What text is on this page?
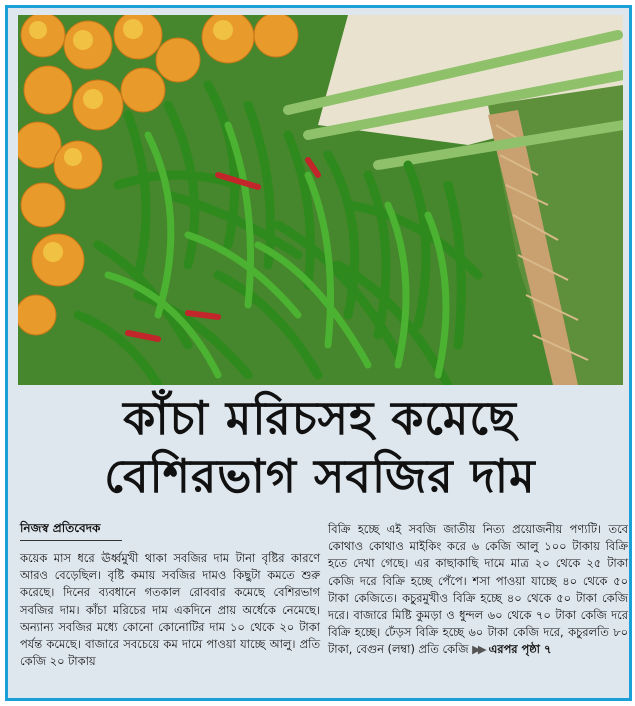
কাঁচা মরিচসহ কমেছে
বেশিরভাগ সবজির দাম
নিজস্ব প্রতিবেদক
কয়েক মাস ধরে ঊর্ধ্বমুখী থাকা সবজির দাম টানা বৃষ্টির কারণে আরও বেড়েছিল। বৃষ্টি কমায় সবজির দামও কিছুটা কমতে শুরু করেছে। দিনের ব্যবধানে গতকাল রোববার কমেছে বেশিরভাগ সবজির দাম। কাঁচা মরিচের দাম একদিনে প্রায় অর্ধেকে নেমেছে। অন্যান্য সবজির মধ্যে কোনো কোনোটির দাম ১০ থেকে ২০ টাকা পর্যন্ত কমেছে। বাজারে সবচেয়ে কম দামে পাওয়া যাচ্ছে আলু। প্রতি কেজি ২০ টাকায়
বিক্রি হচ্ছে এই সবজি জাতীয় নিত্য প্রয়োজনীয় পণ্যটি। তবে কোথাও কোথাও মাইকিং করে ৬ কেজি আলু ১০০ টাকায় বিক্রি হতে দেখা গেছে। এর কাছাকাছি দামে মাত্র ২০ থেকে ২৫ টাকা কেজি দরে বিক্রি হচ্ছে পেঁপে। শসা পাওয়া যাচ্ছে ৪০ থেকে ৫০ টাকা কেজিতে। কচুরমুখীও বিক্রি হচ্ছে ৪০ থেকে ৫০ টাকা কেজি দরে। বাজারে মিষ্টি কুমড়া ও ধুন্দল ৬০ থেকে ৭০ টাকা কেজি দরে বিক্রি হচ্ছে। ঢেঁড়স বিক্রি হচ্ছে ৬০ টাকা কেজি দরে, কচুরলতি ৮০ টাকা, বেগুন (লম্বা) প্রতি কেজি ▶▶ এরপর পৃষ্ঠা ৭
